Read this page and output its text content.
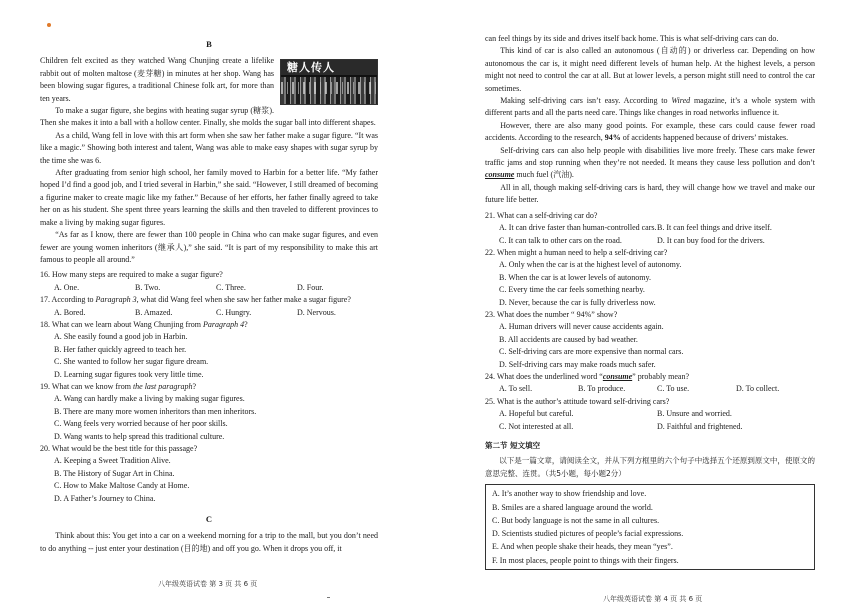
B
糖人传人

Children felt excited as they watched Wang Chunjing create a lifelike rabbit out of molten maltose (麦芽糖) in minutes at her shop. Wang has been blowing sugar figures, a traditional Chinese folk art, for more than ten years.

To make a sugar figure, she begins with heating sugar syrup (糖浆). Then she makes it into a ball with a hollow center. Finally, she molds the sugar ball into different shapes.

As a child, Wang fell in love with this art form when she saw her father make a sugar figure. “It was like a magic.” Showing both interest and talent, Wang was able to make easy shapes with sugar syrup by the time she was 6.

After graduating from senior high school, her family moved to Harbin for a better life. “My father hoped I’d find a good job, and I tried several in Harbin,” she said. “However, I still dreamed of becoming a figurine maker to create magic like my father.” Because of her efforts, her father finally agreed to take her on as his student. She spent three years learning the skills and then traveled to different provinces to make a living by making sugar figures.

“As far as I know, there are fewer than 100 people in China who can make sugar figures, and even fewer are young women inheritors (继承人),” she said. “It is part of my responsibility to make this art famous to people all around.”

16. How many steps are required to make a sugar figure?

A. One.	B. Two.	C. Three.	D. Four.

17. According to Paragraph 3, what did Wang feel when she saw her father make a sugar figure?

A. Bored.	B. Amazed.	C. Hungry.	D. Nervous.

18. What can we learn about Wang Chunjing from Paragraph 4?

A. She easily found a good job in Harbin.

B. Her father quickly agreed to teach her.

C. She wanted to follow her sugar figure dream.

D. Learning sugar figures took very little time.

19. What can we know from the last paragraph?

A. Wang can hardly make a living by making sugar figures.

B. There are many more women inheritors than men inheritors.

C. Wang feels very worried because of her poor skills.

D. Wang wants to help spread this traditional culture.

20. What would be the best title for this passage?

A. Keeping a Sweet Tradition Alive.

B. The History of Sugar Art in China.

C. How to Make Maltose Candy at Home.

D. A Father’s Journey to China.

C

Think about this: You get into a car on a weekend morning for a trip to the mall, but you don’t need to do anything -- just enter your destination (目的地) and off you go. When it drops you off, it

八年级英语试卷 第 3 页 共 6 页

can feel things by its side and drives itself back home. This is what self-driving cars can do.

This kind of car is also called an autonomous (自动的) or driverless car. Depending on how autonomous the car is, it might need different levels of human help. At the highest levels, a person might not need to control the car at all. But at lower levels, a person might still need to control the car sometimes.

Making self-driving cars isn’t easy. According to Wired magazine, it’s a whole system with different parts and all the parts need care. Things like changes in road networks influence it.

However, there are also many good points. For example, these cars could cause fewer road accidents. According to the research, 94% of accidents happened because of drivers’ mistakes.

Self-driving cars can also help people with disabilities live more freely. These cars make fewer traffic jams and stop running when they’re not needed. It means they cause less pollution and don’t consume much fuel (汽油).

All in all, though making self-driving cars is hard, they will change how we travel and make our future life better.

21. What can a self-driving car do?

A. It can drive faster than human-controlled cars. B. It can feel things and drive itself.
C. It can talk to other cars on the road.	D. It can buy food for the drivers.

22. When might a human need to help a self-driving car?

A. Only when the car is at the highest level of autonomy.

B. When the car is at lower levels of autonomy.

C. Every time the car feels something nearby.

D. Never, because the car is fully driverless now.

23. What does the number “ 94%” show?

A. Human drivers will never cause accidents again.

B. All accidents are caused by bad weather.

C. Self-driving cars are more expensive than normal cars.

D. Self-driving cars may make roads much safer.

24. What does the underlined word “consume” probably mean?

A. To sell.	B. To produce.	C. To use.	D. To collect.

25. What is the author’s attitude toward self-driving cars?

A. Hopeful but careful.	B. Unsure and worried.
C. Not interested at all.	D. Faithful and frightened.
第二节 短文填空

以下是一篇文章，请阅读全文，并从下列方框里的六个句子中选择五个还原到原文中，使原文的意思完整、连贯。（共5小题，每小题2分）

A. It’s another way to show friendship and love.
B. Smiles are a shared language around the world.
C. But body language is not the same in all cultures.
D. Scientists studied pictures of people’s facial expressions.
E. And when people shake their heads, they mean “yes”.
F. In most places, people point to things with their fingers.
八年级英语试卷 第 4 页 共 6 页
